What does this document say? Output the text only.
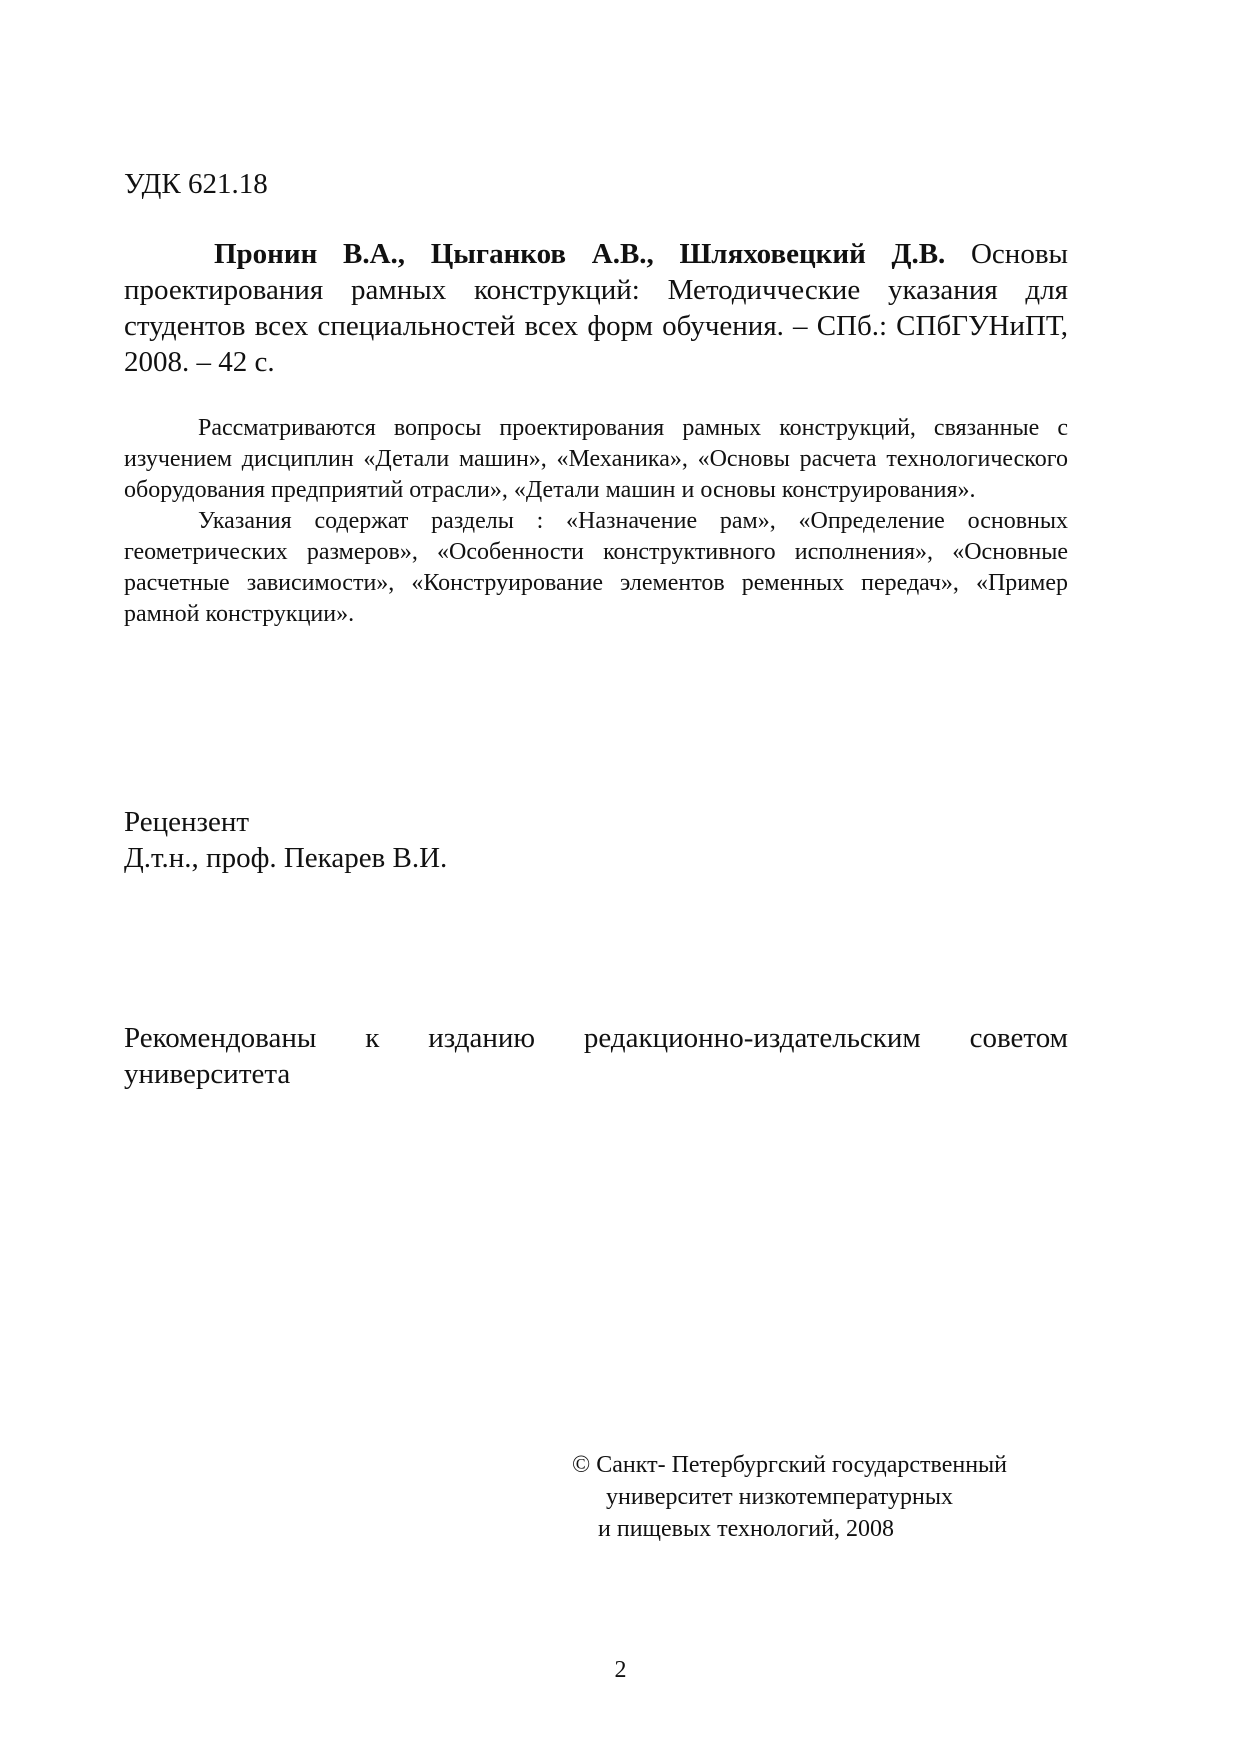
УДК 621.18
Пронин В.А., Цыганков А.В., Шляховецкий Д.В. Основы проектирования рамных конструкций: Методичческие указания для студентов всех специальностей всех форм обучения. – СПб.: СПбГУНиПТ, 2008. – 42 с.

Рассматриваются вопросы проектирования рамных конструкций, связанные с изучением дисциплин «Детали машин», «Механика», «Основы расчета технологического оборудования предприятий отрасли», «Детали машин и основы конструирования».

Указания содержат разделы : «Назначение рам», «Определение основных геометрических размеров», «Особенности конструктивного исполнения», «Основные расчетные зависимости», «Конструирование элементов ременных передач», «Пример рамной конструкции».

Рецензент
Д.т.н., проф. Пекарев В.И.
Рекомендованы к изданию редакционно-издательским советом
университета
© Санкт- Петербургский государственный
университет низкотемпературных
и пищевых технологий, 2008
2
